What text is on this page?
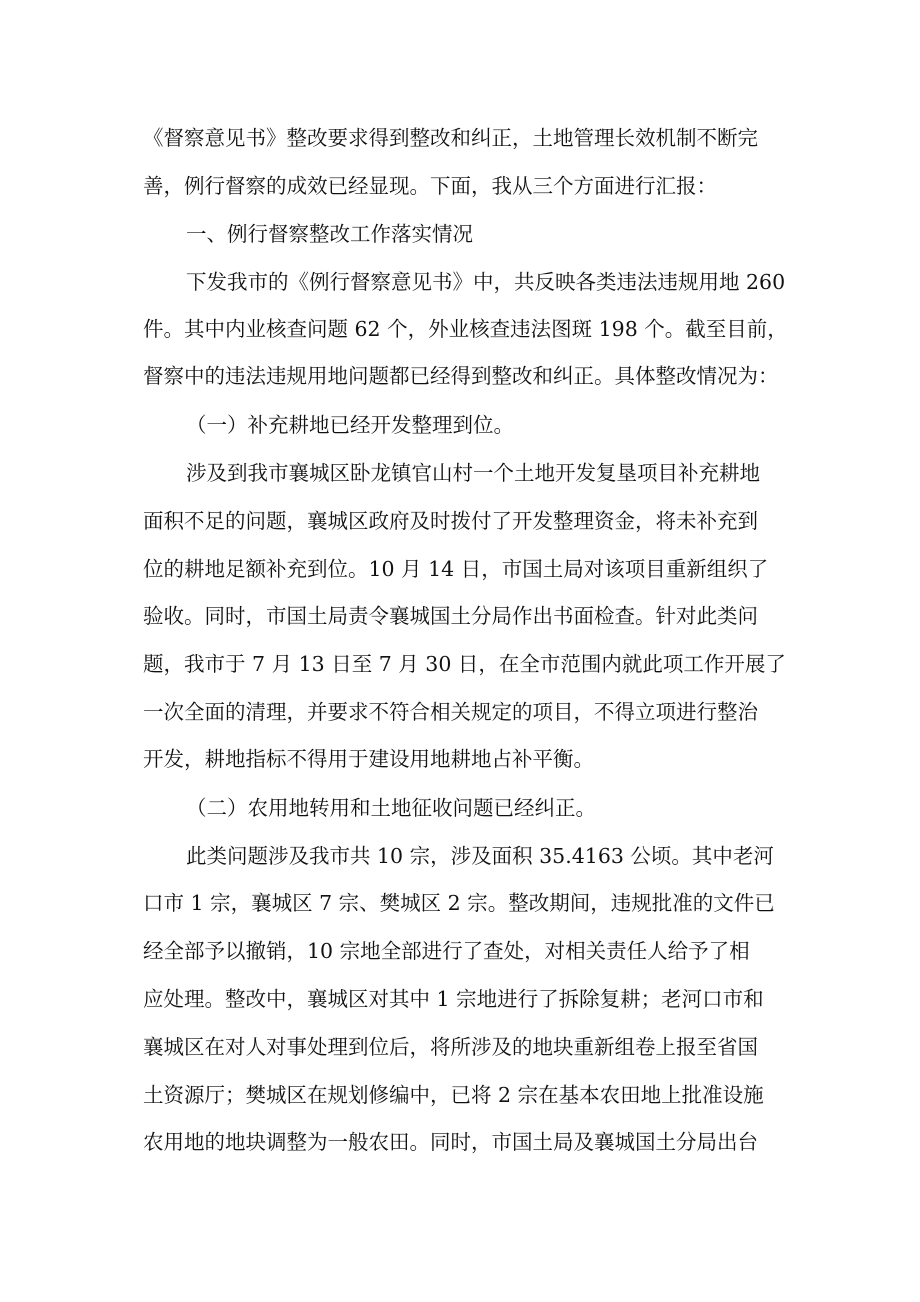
《督察意见书》整改要求得到整改和纠正，土地管理长效机制不断完
善，例行督察的成效已经显现。下面，我从三个方面进行汇报：
一、例行督察整改工作落实情况
下发我市的《例行督察意见书》中，共反映各类违法违规用地 260
件。其中内业核查问题 62 个，外业核查违法图斑 198 个。截至目前，
督察中的违法违规用地问题都已经得到整改和纠正。具体整改情况为：
（一）补充耕地已经开发整理到位。
涉及到我市襄城区卧龙镇官山村一个土地开发复垦项目补充耕地
面积不足的问题，襄城区政府及时拨付了开发整理资金，将未补充到
位的耕地足额补充到位。10 月 14 日，市国土局对该项目重新组织了
验收。同时，市国土局责令襄城国土分局作出书面检查。针对此类问
题，我市于 7 月 13 日至 7 月 30 日，在全市范围内就此项工作开展了
一次全面的清理，并要求不符合相关规定的项目，不得立项进行整治
开发，耕地指标不得用于建设用地耕地占补平衡。
（二）农用地转用和土地征收问题已经纠正。
此类问题涉及我市共 10 宗，涉及面积 35.4163 公顷。其中老河
口市 1 宗，襄城区 7 宗、樊城区 2 宗。整改期间，违规批准的文件已
经全部予以撤销，10 宗地全部进行了查处，对相关责任人给予了相
应处理。整改中，襄城区对其中 1 宗地进行了拆除复耕；老河口市和
襄城区在对人对事处理到位后，将所涉及的地块重新组卷上报至省国
土资源厅；樊城区在规划修编中，已将 2 宗在基本农田地上批准设施
农用地的地块调整为一般农田。同时，市国土局及襄城国土分局出台
